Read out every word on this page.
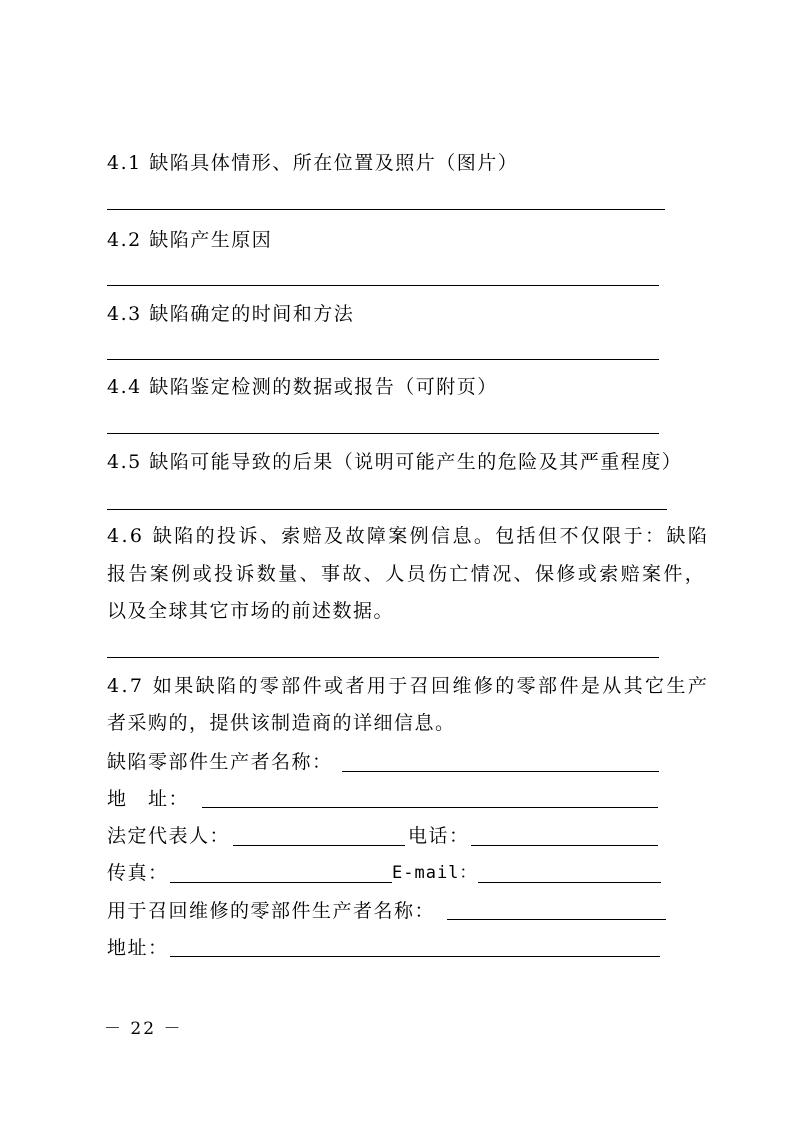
4.1 缺陷具体情形、所在位置及照片（图片）
4.2 缺陷产生原因
4.3 缺陷确定的时间和方法
4.4 缺陷鉴定检测的数据或报告（可附页）
4.5 缺陷可能导致的后果（说明可能产生的危险及其严重程度）
4.6 缺陷的投诉、索赔及故障案例信息。包括但不仅限于：缺陷
报告案例或投诉数量、事故、人员伤亡情况、保修或索赔案件，
以及全球其它市场的前述数据。
4.7 如果缺陷的零部件或者用于召回维修的零部件是从其它生产
者采购的，提供该制造商的详细信息。
缺陷零部件生产者名称：
地　址：
法定代表人：	电话：
传真：	E-mail：
用于召回维修的零部件生产者名称：
地址：
－ 22 －
